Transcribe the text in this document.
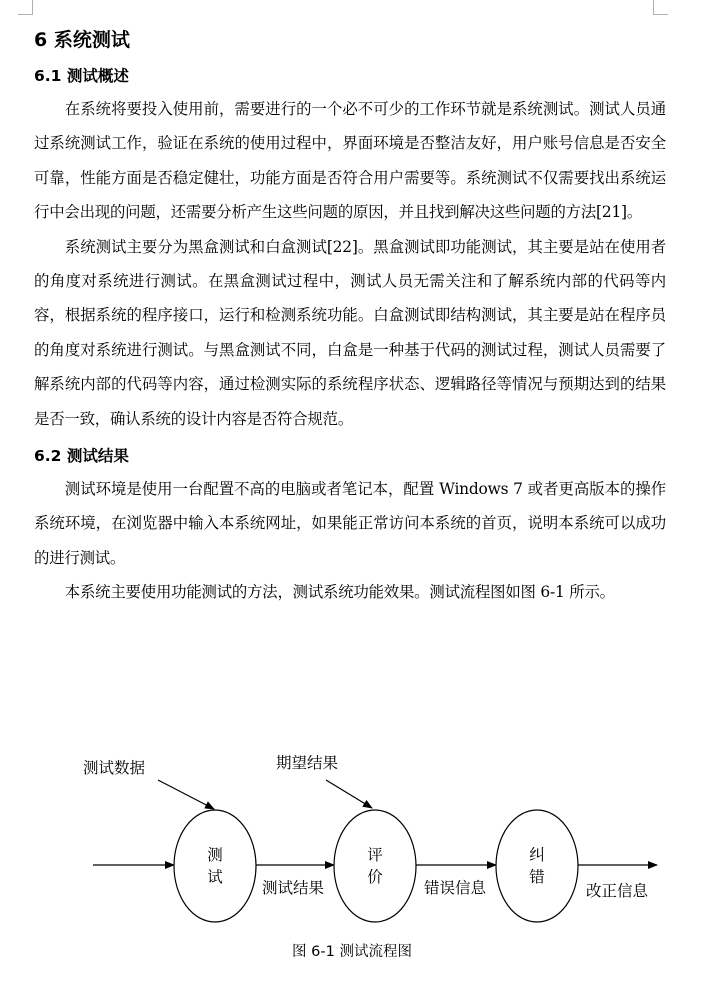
6 系统测试
6.1 测试概述

在系统将要投入使用前，需要进行的一个必不可少的工作环节就是系统测试。测试人员通过系统测试工作，验证在系统的使用过程中，界面环境是否整洁友好，用户账号信息是否安全可靠，性能方面是否稳定健壮，功能方面是否符合用户需要等。系统测试不仅需要找出系统运行中会出现的问题，还需要分析产生这些问题的原因，并且找到解决这些问题的方法[21]。

系统测试主要分为黑盒测试和白盒测试[22]。黑盒测试即功能测试，其主要是站在使用者的角度对系统进行测试。在黑盒测试过程中，测试人员无需关注和了解系统内部的代码等内容，根据系统的程序接口，运行和检测系统功能。白盒测试即结构测试，其主要是站在程序员的角度对系统进行测试。与黑盒测试不同，白盒是一种基于代码的测试过程，测试人员需要了解系统内部的代码等内容，通过检测实际的系统程序状态、逻辑路径等情况与预期达到的结果是否一致，确认系统的设计内容是否符合规范。

6.2 测试结果

测试环境是使用一台配置不高的电脑或者笔记本，配置 Windows 7 或者更高版本的操作系统环境，在浏览器中输入本系统网址，如果能正常访问本系统的首页，说明本系统可以成功的进行测试。

本系统主要使用功能测试的方法，测试系统功能效果。测试流程图如图 6-1 所示。

测试数据	期望结果
测试
评价
纠错
测试结果	错误信息	改正信息
图 6-1 测试流程图
